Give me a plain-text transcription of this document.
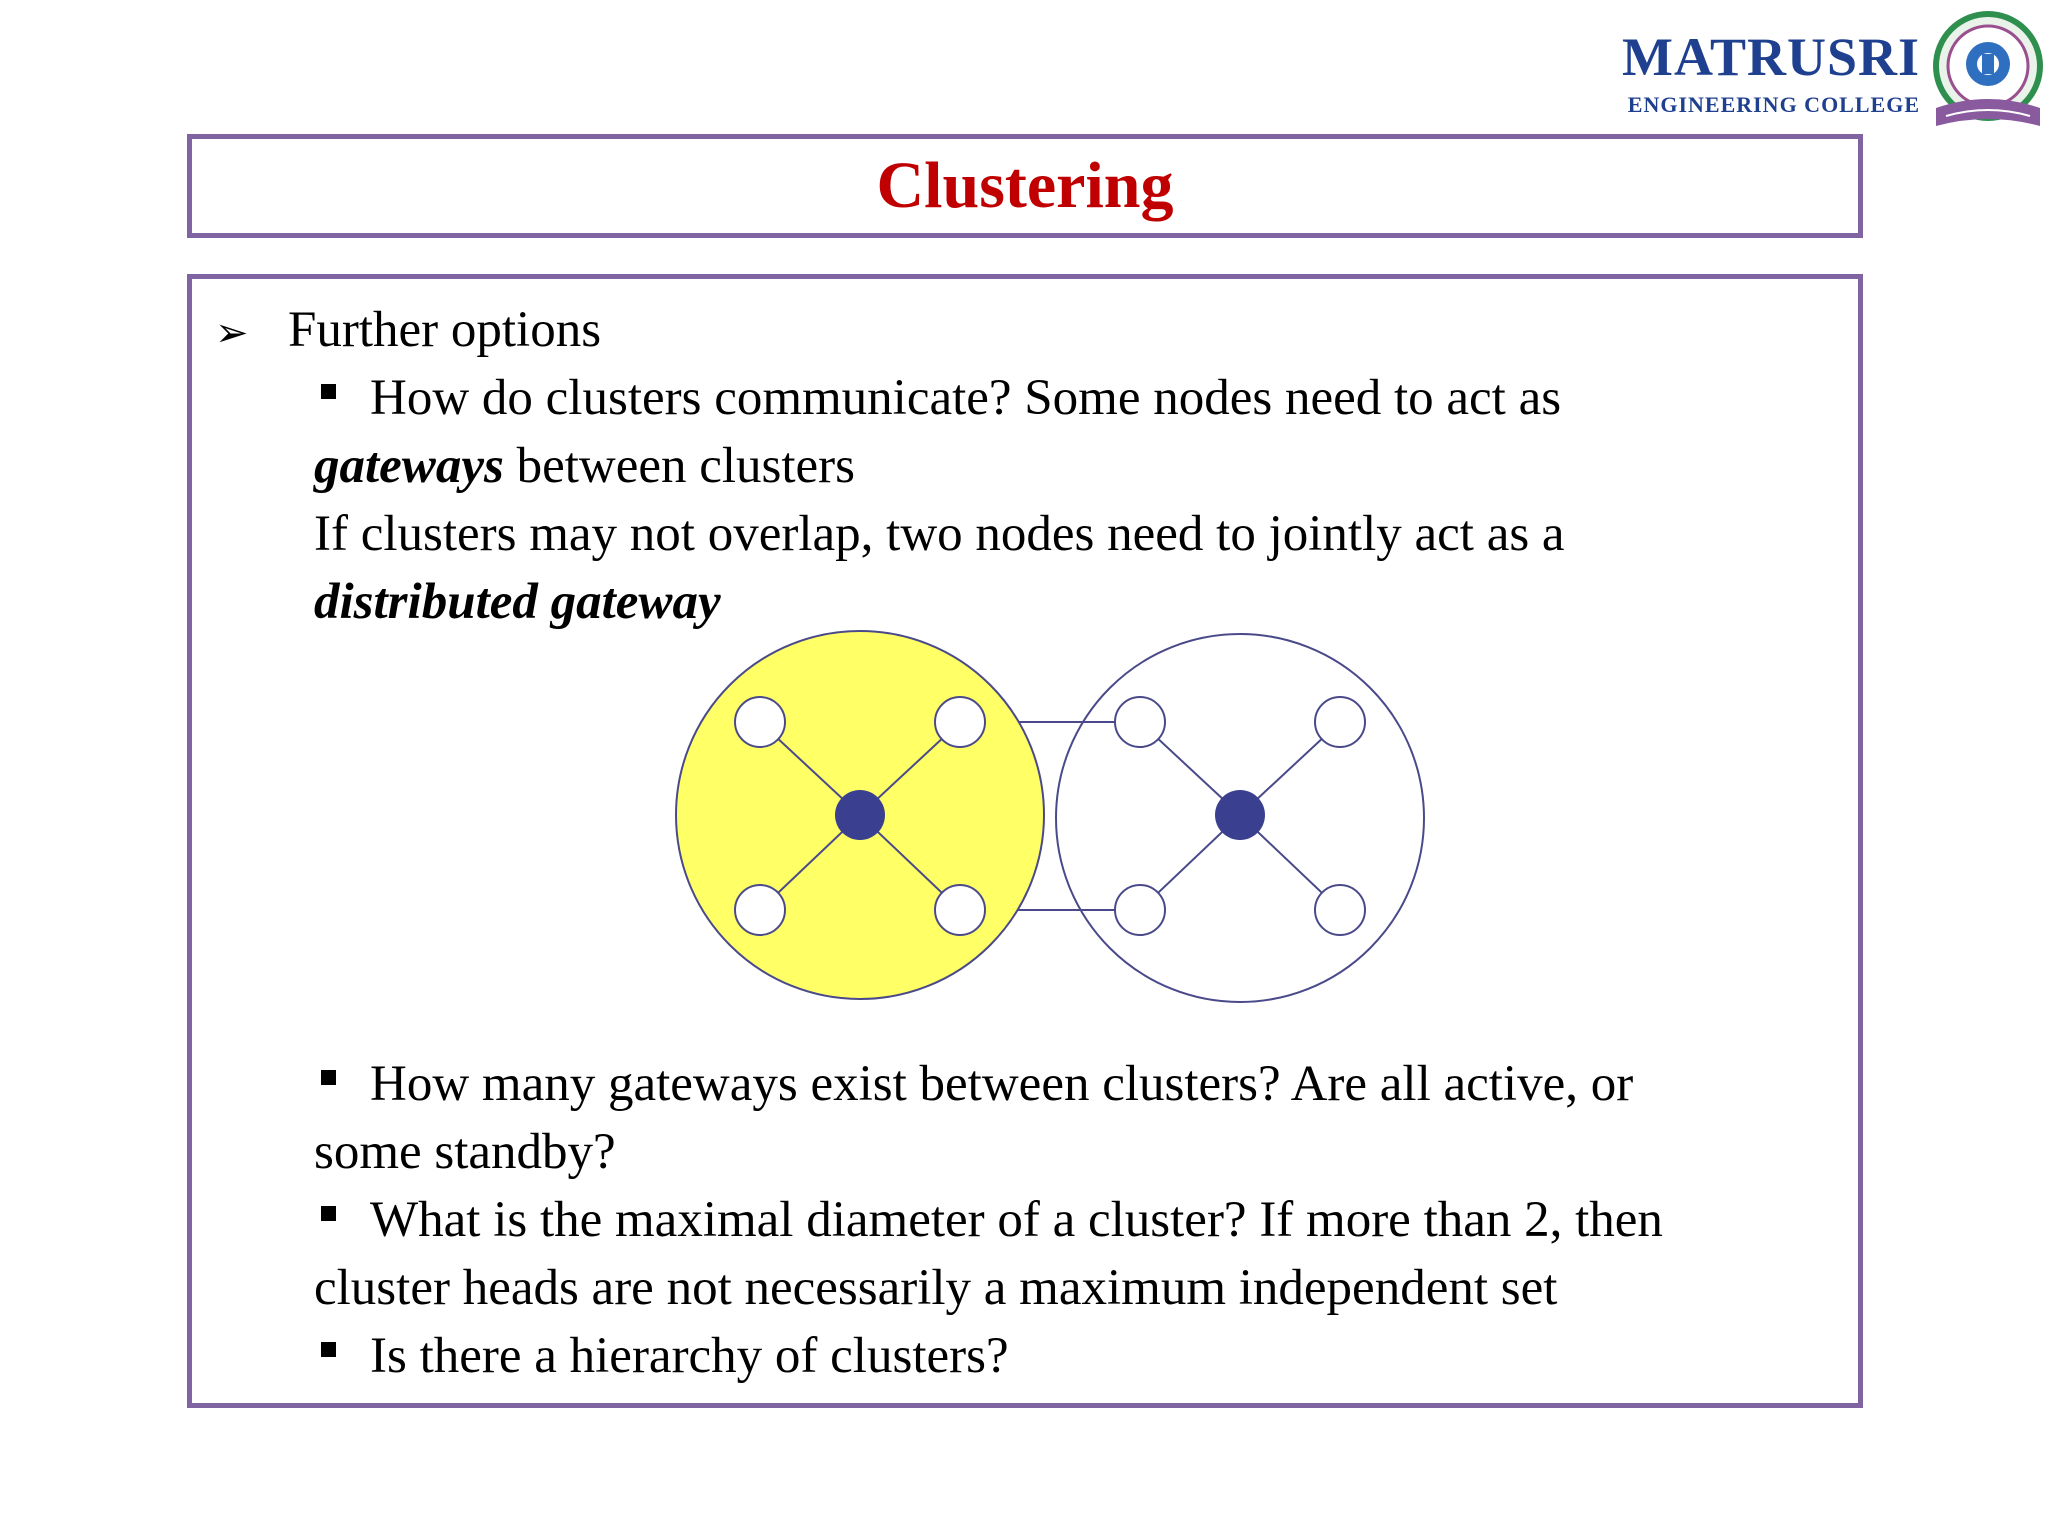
MATRUSRI
ENGINEERING COLLEGE
Clustering
➢ Further options
How do clusters communicate? Some nodes need to act as
gateways between clusters
If clusters may not overlap, two nodes need to jointly act as a
distributed gateway
How many gateways exist between clusters? Are all active, or
some standby?
What is the maximal diameter of a cluster? If more than 2, then
cluster heads are not necessarily a maximum independent set
Is there a hierarchy of clusters?
